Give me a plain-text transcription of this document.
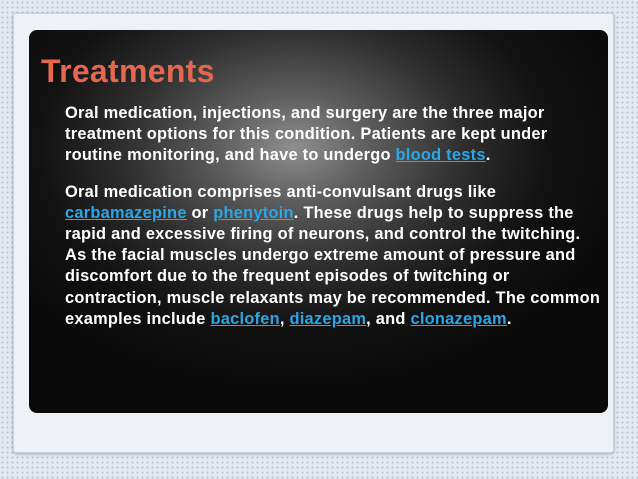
Treatments

Oral medication, injections, and surgery are the three major treatment options for this condition. Patients are kept under routine monitoring, and have to undergo blood tests.

Oral medication comprises anti-convulsant drugs like carbamazepine or phenytoin. These drugs help to suppress the rapid and excessive firing of neurons, and control the twitching. As the facial muscles undergo extreme amount of pressure and discomfort due to the frequent episodes of twitching or contraction, muscle relaxants may be recommended. The common examples include baclofen, diazepam, and clonazepam.
